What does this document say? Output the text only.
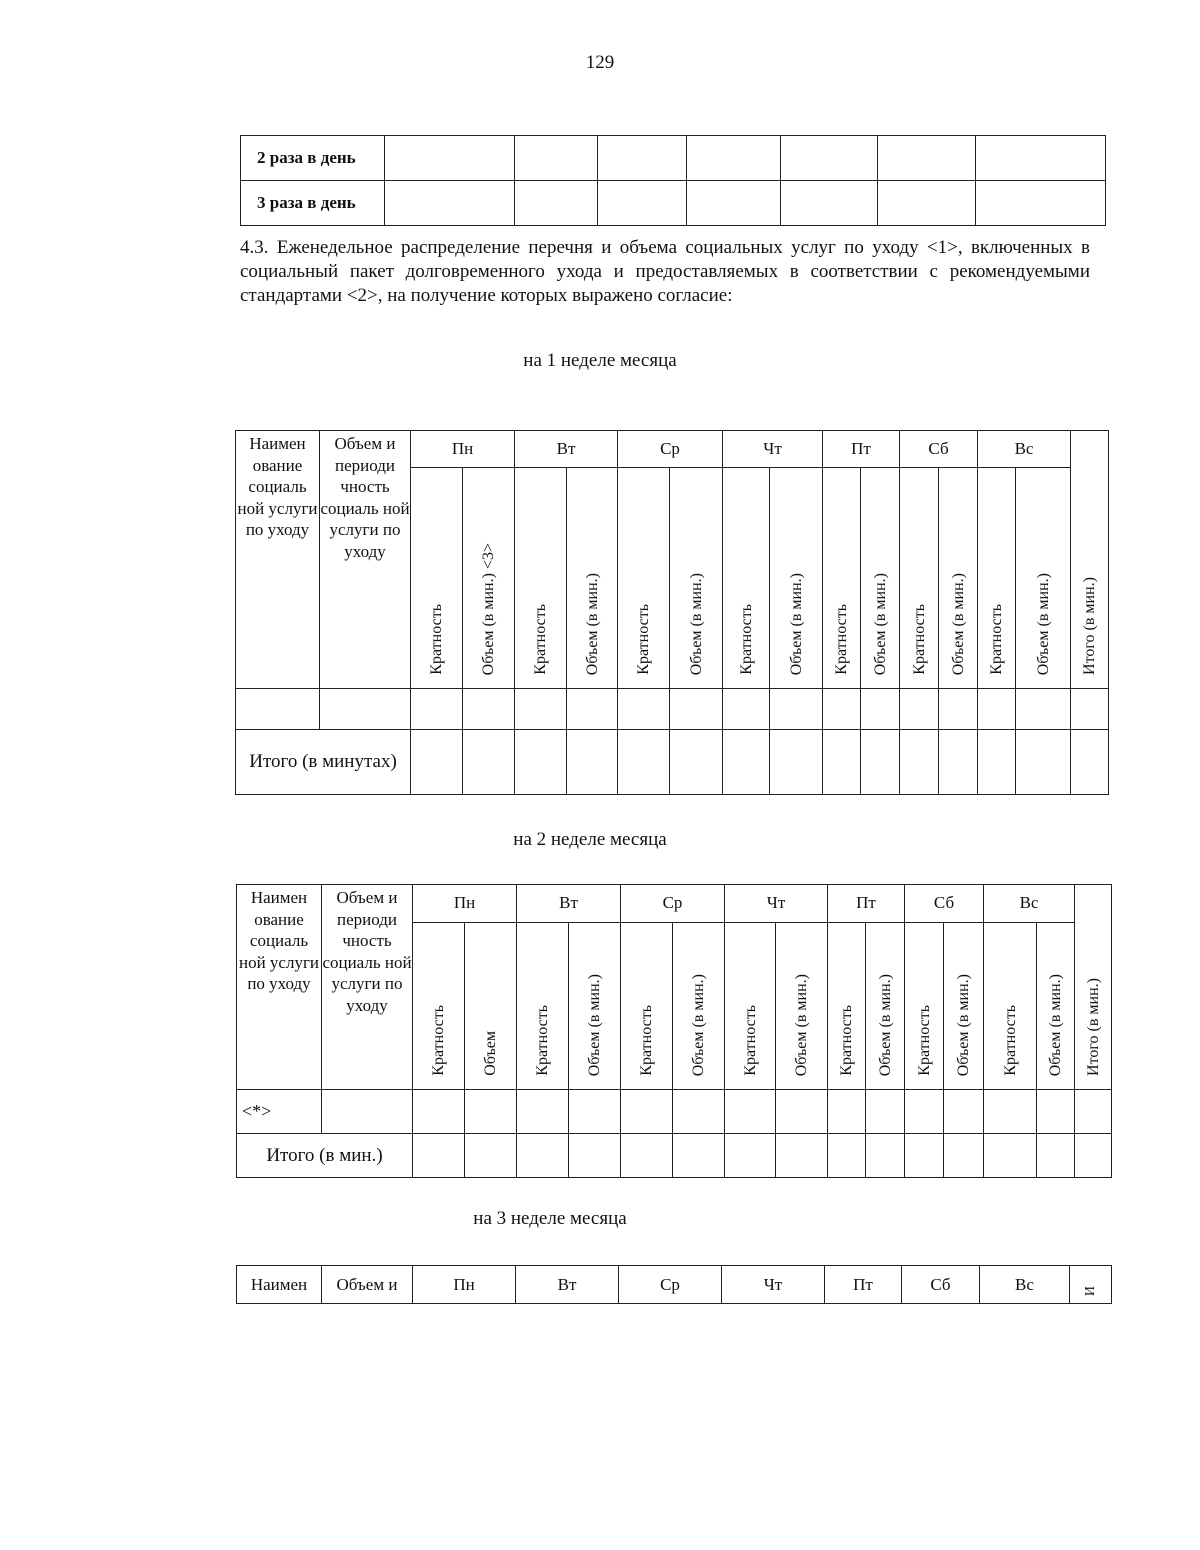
129
2 раза в день							
3 раза в день							
4.3. Еженедельное распределение перечня и объема социальных услуг по уходу <1>, включенных в социальный пакет долговременного ухода и предоставляемых в соответствии с рекомендуемыми стандартами <2>, на получение которых выражено согласие:
на 1 неделе месяца
Наимен ование социаль ной услуги по уходу	Объем и периоди чность социаль ной услуги по уходу	Пн		Вт		Ср		Чт		Пт		Сб		Вс		Итого (в мин.)
		Кратность	Объем (в мин.) <3>	Кратность	Объем (в мин.)	Кратность	Объем (в мин.)	Кратность	Объем (в мин.)	Кратность	Объем (в мин.)	Кратность	Объем (в мин.)	Кратность	Объем (в мин.)	

Итого (в минутах)																
на 2 неделе месяца
Наимен ование социаль ной услуги по уходу	Объем и периоди чность социаль ной услуги по уходу	Пн		Вт		Ср		Чт		Пт		Сб		Вс		Итого (в мин.)
		Кратность	Объем	Кратность	Объем (в мин.)	Кратность	Объем (в мин.)	Кратность	Объем (в мин.)	Кратность	Объем (в мин.)	Кратность	Объем (в мин.)	Кратность	Объем (в мин.)	
<*>																
Итого (в мин.)																
на 3 неделе месяца
Наимен	Объем и	Пн	Вт	Ср	Чт	Пт	Сб	Вс	И
